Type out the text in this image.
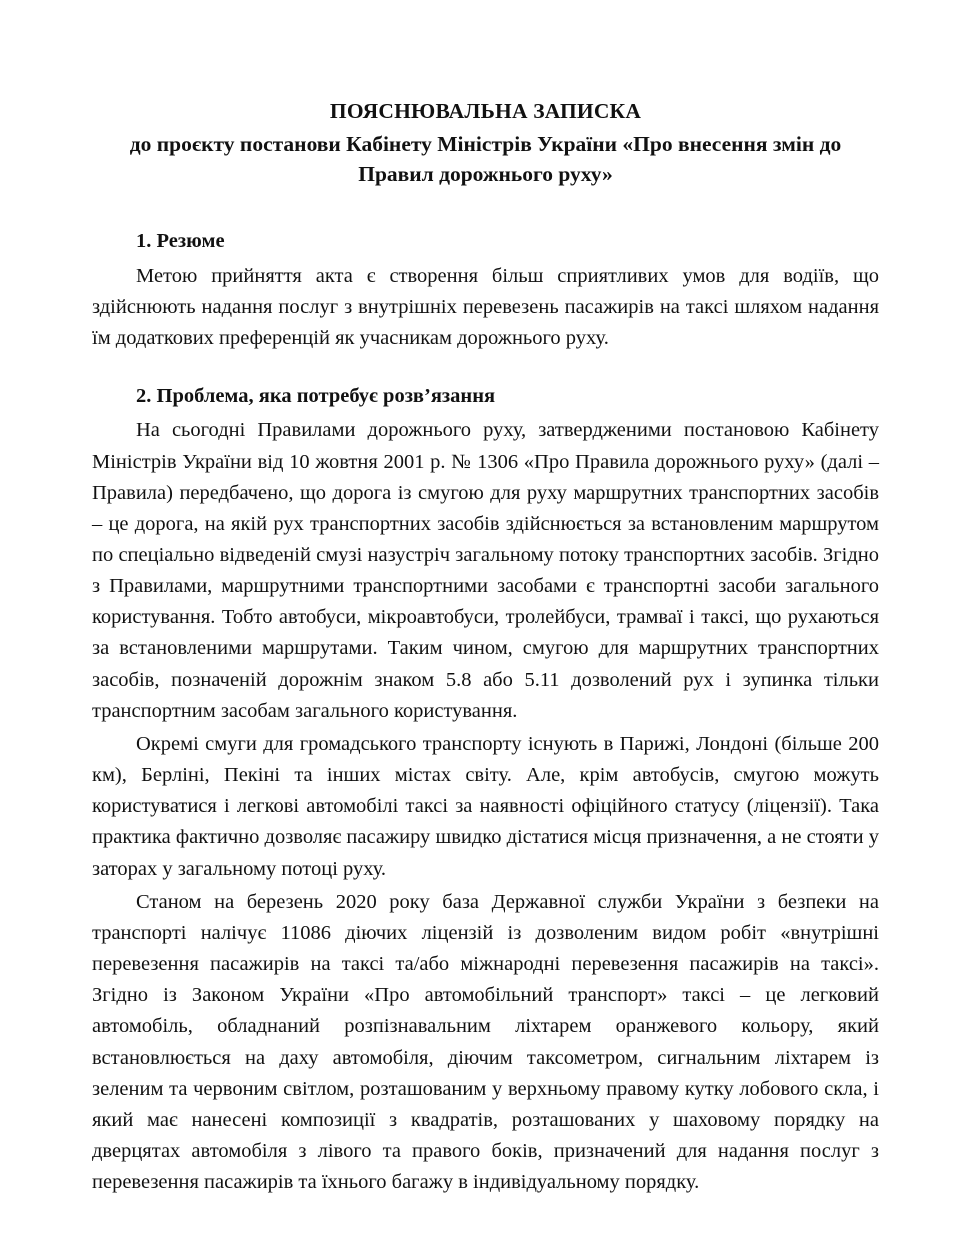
ПОЯСНЮВАЛЬНА ЗАПИСКА
до проєкту постанови Кабінету Міністрів України «Про внесення змін до Правил дорожнього руху»
1. Резюме

Метою прийняття акта є створення більш сприятливих умов для водіїв, що здійснюють надання послуг з внутрішніх перевезень пасажирів на таксі шляхом надання їм додаткових преференцій як учасникам дорожнього руху.

2. Проблема, яка потребує розв’язання

На сьогодні Правилами дорожнього руху, затвердженими постановою Кабінету Міністрів України від 10 жовтня 2001 р. № 1306 «Про Правила дорожнього руху» (далі – Правила) передбачено, що дорога із смугою для руху маршрутних транспортних засобів – це дорога, на якій рух транспортних засобів здійснюється за встановленим маршрутом по спеціально відведеній смузі назустріч загальному потоку транспортних засобів. Згідно з Правилами, маршрутними транспортними засобами є транспортні засоби загального користування. Тобто автобуси, мікроавтобуси, тролейбуси, трамваї і таксі, що рухаються за встановленими маршрутами. Таким чином, смугою для маршрутних транспортних засобів, позначеній дорожнім знаком 5.8 або 5.11 дозволений рух і зупинка тільки транспортним засобам загального користування.

Окремі смуги для громадського транспорту існують в Парижі, Лондоні (більше 200 км), Берліні, Пекіні та інших містах світу. Але, крім автобусів, смугою можуть користуватися і легкові автомобілі таксі за наявності офіційного статусу (ліцензії). Така практика фактично дозволяє пасажиру швидко дістатися місця призначення, а не стояти у заторах у загальному потоці руху.

Станом на березень 2020 року база Державної служби України з безпеки на транспорті налічує 11086 діючих ліцензій із дозволеним видом робіт «внутрішні перевезення пасажирів на таксі та/або міжнародні перевезення пасажирів на таксі». Згідно із Законом України «Про автомобільний транспорт» таксі – це легковий автомобіль, обладнаний розпізнавальним ліхтарем оранжевого кольору, який встановлюється на даху автомобіля, діючим таксометром, сигнальним ліхтарем із зеленим та червоним світлом, розташованим у верхньому правому кутку лобового скла, і який має нанесені композиції з квадратів, розташованих у шаховому порядку на дверцятах автомобіля з лівого та правого боків, призначений для надання послуг з перевезення пасажирів та їхнього багажу в індивідуальному порядку.
